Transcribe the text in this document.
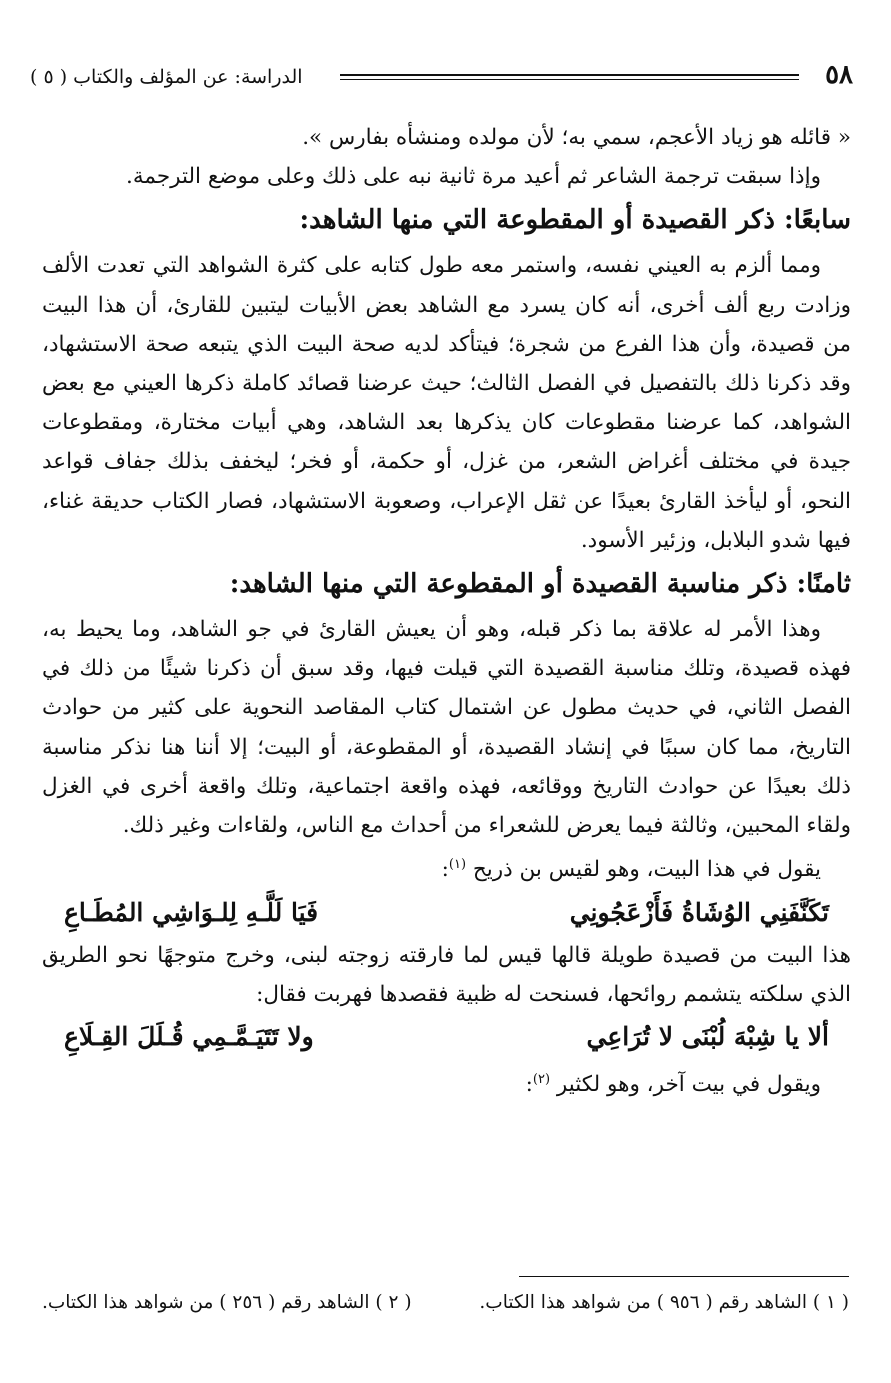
٥٨
الدراسة: عن المؤلف والكتاب ( ٥ )

« قائله هو زياد الأعجم، سمي به؛ لأن مولده ومنشأه بفارس ».

وإذا سبقت ترجمة الشاعر ثم أعيد مرة ثانية نبه على ذلك وعلى موضع الترجمة.

سابعًا: ذكر القصيدة أو المقطوعة التي منها الشاهد:

ومما ألزم به العيني نفسه، واستمر معه طول كتابه على كثرة الشواهد التي تعدت الألف وزادت ربع ألف أخرى، أنه كان يسرد مع الشاهد بعض الأبيات ليتبين للقارئ، أن هذا البيت من قصيدة، وأن هذا الفرع من شجرة؛ فيتأكد لديه صحة البيت الذي يتبعه صحة الاستشهاد، وقد ذكرنا ذلك بالتفصيل في الفصل الثالث؛ حيث عرضنا قصائد كاملة ذكرها العيني مع بعض الشواهد، كما عرضنا مقطوعات كان يذكرها بعد الشاهد، وهي أبيات مختارة، ومقطوعات جيدة في مختلف أغراض الشعر، من غزل، أو حكمة، أو فخر؛ ليخفف بذلك جفاف قواعد النحو، أو ليأخذ القارئ بعيدًا عن ثقل الإعراب، وصعوبة الاستشهاد، فصار الكتاب حديقة غناء، فيها شدو البلابل، وزئير الأسود.

ثامنًا: ذكر مناسبة القصيدة أو المقطوعة التي منها الشاهد:

وهذا الأمر له علاقة بما ذكر قبله، وهو أن يعيش القارئ في جو الشاهد، وما يحيط به، فهذه قصيدة، وتلك مناسبة القصيدة التي قيلت فيها، وقد سبق أن ذكرنا شيئًا من ذلك في الفصل الثاني، في حديث مطول عن اشتمال كتاب المقاصد النحوية على كثير من حوادث التاريخ، مما كان سببًا في إنشاد القصيدة، أو المقطوعة، أو البيت؛ إلا أننا هنا نذكر مناسبة ذلك بعيدًا عن حوادث التاريخ ووقائعه، فهذه واقعة اجتماعية، وتلك واقعة أخرى في الغزل ولقاء المحبين، وثالثة فيما يعرض للشعراء من أحداث مع الناس، ولقاءات وغير ذلك.

يقول في هذا البيت، وهو لقيس بن ذريح $^{(١)}$:

تَكَنَّفَنِي الوُشَاةُ فَأَزْعَجُونِي
فَيَا لَلَّـهِ لِلـوَاشِي المُطَـاعِ

هذا البيت من قصيدة طويلة قالها قيس لما فارقته زوجته لبنى، وخرج متوجهًا نحو الطريق الذي سلكته يتشمم روائحها، فسنحت له ظبية فقصدها فهربت فقال:

ألا يا شِبْهَ لُبْنَى لا تُرَاعِي
ولا تَتَيَـمَّـمِي قُـلَلَ القِـلَاعِ

ويقول في بيت آخر، وهو لكثير $^{(٢)}$:

( ١ ) الشاهد رقم ( ٩٥٦ ) من شواهد هذا الكتاب.
( ٢ ) الشاهد رقم ( ٢٥٦ ) من شواهد هذا الكتاب.
